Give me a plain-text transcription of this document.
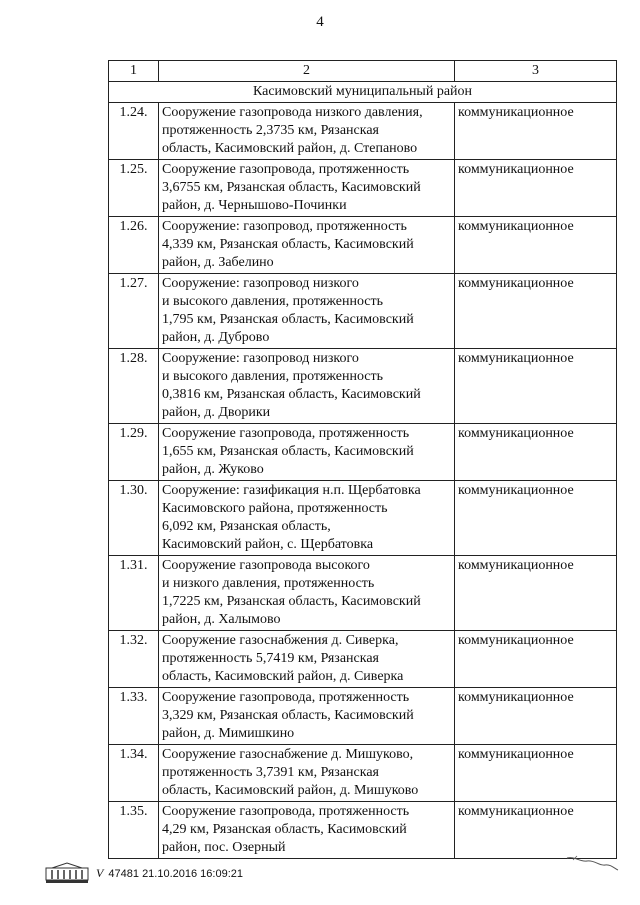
4
1	2	3
Касимовский муниципальный район		
1.24.	Сооружение газопровода низкого давления,
протяженность 2,3735 км, Рязанская
область, Касимовский район, д. Степаново	коммуникационное
1.25.	Сооружение газопровода, протяженность
3,6755 км, Рязанская область, Касимовский
район, д. Чернышово-Починки	коммуникационное
1.26.	Сооружение: газопровод, протяженность
4,339 км, Рязанская область, Касимовский
район, д. Забелино	коммуникационное
1.27.	Сооружение: газопровод низкого
и высокого давления, протяженность
1,795 км, Рязанская область, Касимовский
район, д. Дуброво	коммуникационное
1.28.	Сооружение: газопровод низкого
и высокого давления, протяженность
0,3816 км, Рязанская область, Касимовский
район, д. Дворики	коммуникационное
1.29.	Сооружение газопровода, протяженность
1,655 км, Рязанская область, Касимовский
район, д. Жуково	коммуникационное
1.30.	Сооружение: газификация н.п. Щербатовка
Касимовского района, протяженность
6,092 км, Рязанская область,
Касимовский район, с. Щербатовка	коммуникационное
1.31.	Сооружение газопровода высокого
и низкого давления, протяженность
1,7225 км, Рязанская область, Касимовский
район, д. Халымово	коммуникационное
1.32.	Сооружение газоснабжения д. Сиверка,
протяженность 5,7419 км, Рязанская
область, Касимовский район, д. Сиверка	коммуникационное
1.33.	Сооружение газопровода, протяженность
3,329 км, Рязанская область, Касимовский
район, д. Мимишкино	коммуникационное
1.34.	Сооружение газоснабжение д. Мишуково,
протяженность 3,7391 км, Рязанская
область, Касимовский район, д. Мишуково	коммуникационное
1.35.	Сооружение газопровода, протяженность
4,29 км, Рязанская область, Касимовский
район, пос. Озерный	коммуникационное
V 47481 21.10.2016 16:09:21
